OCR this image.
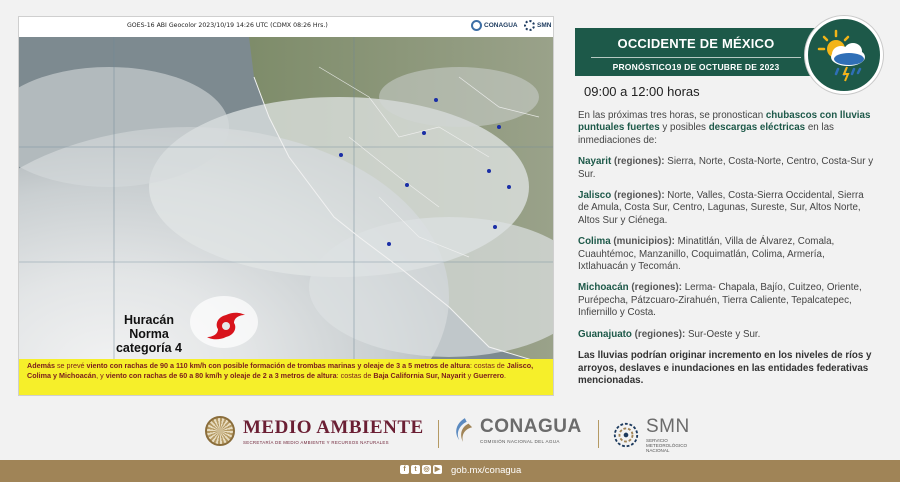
GOES-16 ABI Geocolor 2023/10/19 14:26 UTC (CDMX 08:26 Hrs.)	CONAGUA	SMN
Huracán
Norma
categoría 4
Además se prevé viento con rachas de 90 a 110 km/h con posible formación de trombas marinas y oleaje de 3 a 5 metros de altura: costas de Jalisco, Colima y Michoacán, y viento con rachas de 60 a 80 km/h y oleaje de 2 a 3 metros de altura: costas de Baja California Sur, Nayarit y Guerrero.
OCCIDENTE DE MÉXICO
PRONÓSTICO19 DE OCTUBRE DE 2023
09:00 a 12:00 horas

En las próximas tres horas, se pronostican chubascos con lluvias puntuales fuertes y posibles descargas eléctricas en las inmediaciones de:

Nayarit (regiones): Sierra, Norte, Costa-Norte, Centro, Costa-Sur y Sur.

Jalisco (regiones): Norte, Valles, Costa-Sierra Occidental, Sierra de Amula, Costa Sur, Centro, Lagunas, Sureste, Sur, Altos Norte, Altos Sur y Ciénega.

Colima (municipios): Minatitlán, Villa de Álvarez, Comala, Cuauhtémoc, Manzanillo, Coquimatlán, Colima, Armería, Ixtlahuacán y Tecomán.

Michoacán (regiones): Lerma- Chapala, Bajío, Cuitzeo, Oriente, Purépecha, Pátzcuaro-Zirahuén, Tierra Caliente, Tepalcatepec, Infiernillo y Costa.

Guanajuato (regiones): Sur-Oeste y Sur.

Las lluvias podrían originar incremento en los niveles de ríos y arroyos, deslaves e inundaciones en las entidades federativas mencionadas.

MEDIO AMBIENTE
SECRETARÍA DE MEDIO AMBIENTE Y RECURSOS NATURALES
CONAGUA
COMISIÓN NACIONAL DEL AGUA
SMN
SERVICIO METEOROLÓGICO NACIONAL
f	t ◎ ▶ gob.mx/conagua
